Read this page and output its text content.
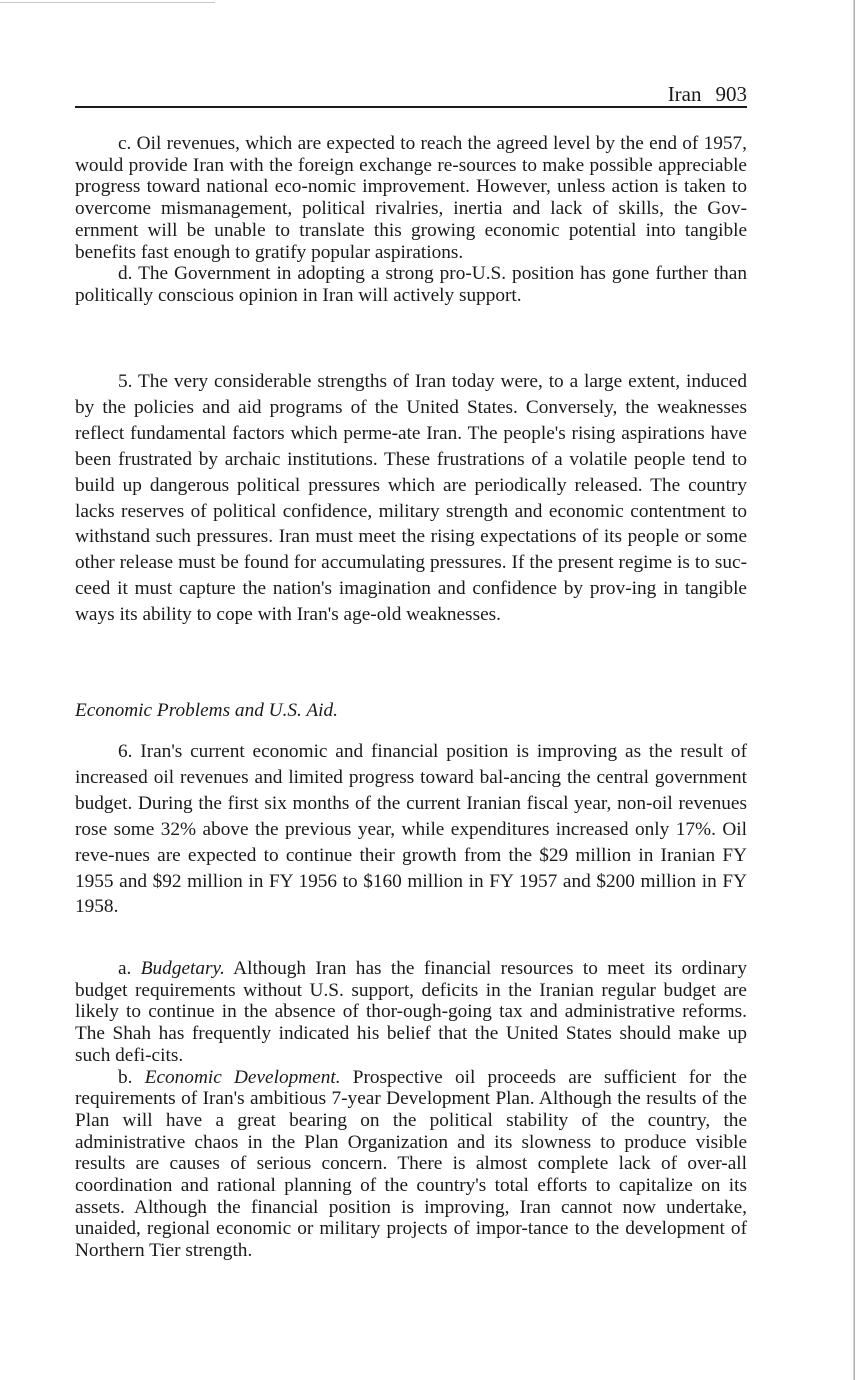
Iran 903

c. Oil revenues, which are expected to reach the agreed level by the end of 1957, would provide Iran with the foreign exchange re-sources to make possible appreciable progress toward national eco-nomic improvement. However, unless action is taken to overcome mismanagement, political rivalries, inertia and lack of skills, the Gov-ernment will be unable to translate this growing economic potential into tangible benefits fast enough to gratify popular aspirations.

d. The Government in adopting a strong pro-U.S. position has gone further than politically conscious opinion in Iran will actively support.

5. The very considerable strengths of Iran today were, to a large extent, induced by the policies and aid programs of the United States. Conversely, the weaknesses reflect fundamental factors which perme-ate Iran. The people's rising aspirations have been frustrated by archaic institutions. These frustrations of a volatile people tend to build up dangerous political pressures which are periodically released. The country lacks reserves of political confidence, military strength and economic contentment to withstand such pressures. Iran must meet the rising expectations of its people or some other release must be found for accumulating pressures. If the present regime is to suc-ceed it must capture the nation's imagination and confidence by prov-ing in tangible ways its ability to cope with Iran's age-old weaknesses.

Economic Problems and U.S. Aid.

6. Iran's current economic and financial position is improving as the result of increased oil revenues and limited progress toward bal-ancing the central government budget. During the first six months of the current Iranian fiscal year, non-oil revenues rose some 32% above the previous year, while expenditures increased only 17%. Oil reve-nues are expected to continue their growth from the $29 million in Iranian FY 1955 and $92 million in FY 1956 to $160 million in FY 1957 and $200 million in FY 1958.

a. Budgetary. Although Iran has the financial resources to meet its ordinary budget requirements without U.S. support, deficits in the Iranian regular budget are likely to continue in the absence of thor-ough-going tax and administrative reforms. The Shah has frequently indicated his belief that the United States should make up such defi-cits.

b. Economic Development. Prospective oil proceeds are sufficient for the requirements of Iran's ambitious 7-year Development Plan. Although the results of the Plan will have a great bearing on the political stability of the country, the administrative chaos in the Plan Organization and its slowness to produce visible results are causes of serious concern. There is almost complete lack of over-all coordination and rational planning of the country's total efforts to capitalize on its assets. Although the financial position is improving, Iran cannot now undertake, unaided, regional economic or military projects of impor-tance to the development of Northern Tier strength.
